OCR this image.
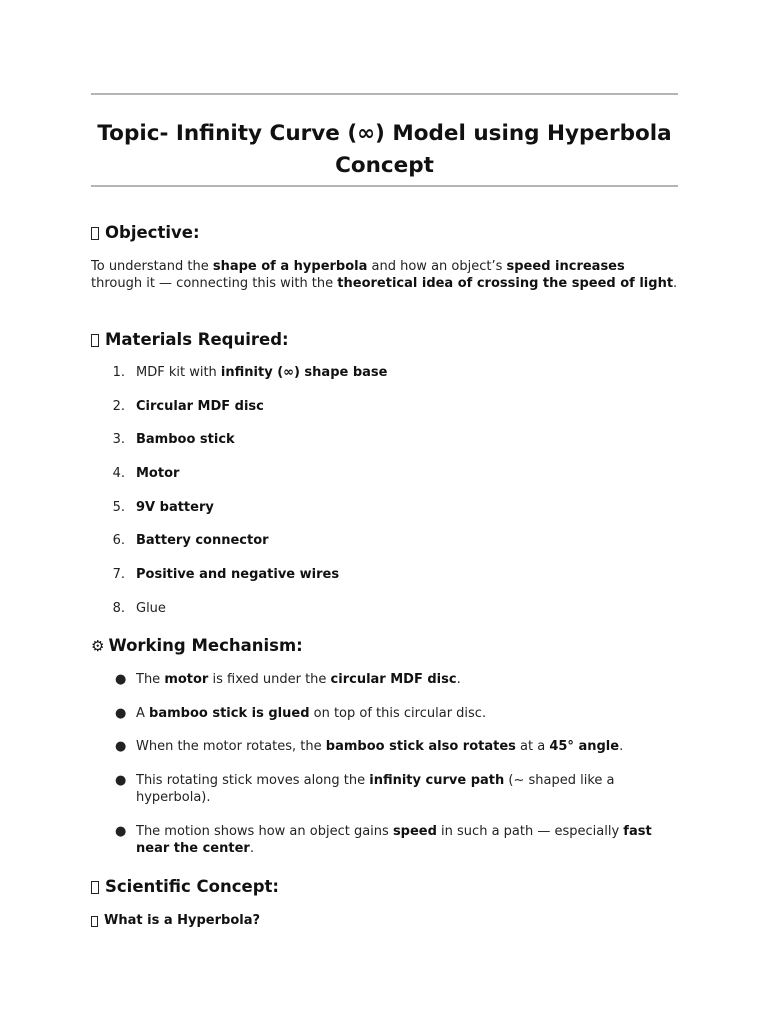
Topic- Infinity Curve (∞) Model using Hyperbola Concept
Objective:
To understand the shape of a hyperbola and how an object’s speed increases through it — connecting this with the theoretical idea of crossing the speed of light.
Materials Required:
1. MDF kit with infinity (∞) shape base
2. Circular MDF disc
3. Bamboo stick
4. Motor
5. 9V battery
6. Battery connector
7. Positive and negative wires
8. Glue
⚙ Working Mechanism:
● The motor is fixed under the circular MDF disc.
● A bamboo stick is glued on top of this circular disc.
● When the motor rotates, the bamboo stick also rotates at a 45° angle.
● This rotating stick moves along the infinity curve path (~ shaped like a hyperbola).
● The motion shows how an object gains speed in such a path — especially fast near the center.
Scientific Concept:
What is a Hyperbola?
